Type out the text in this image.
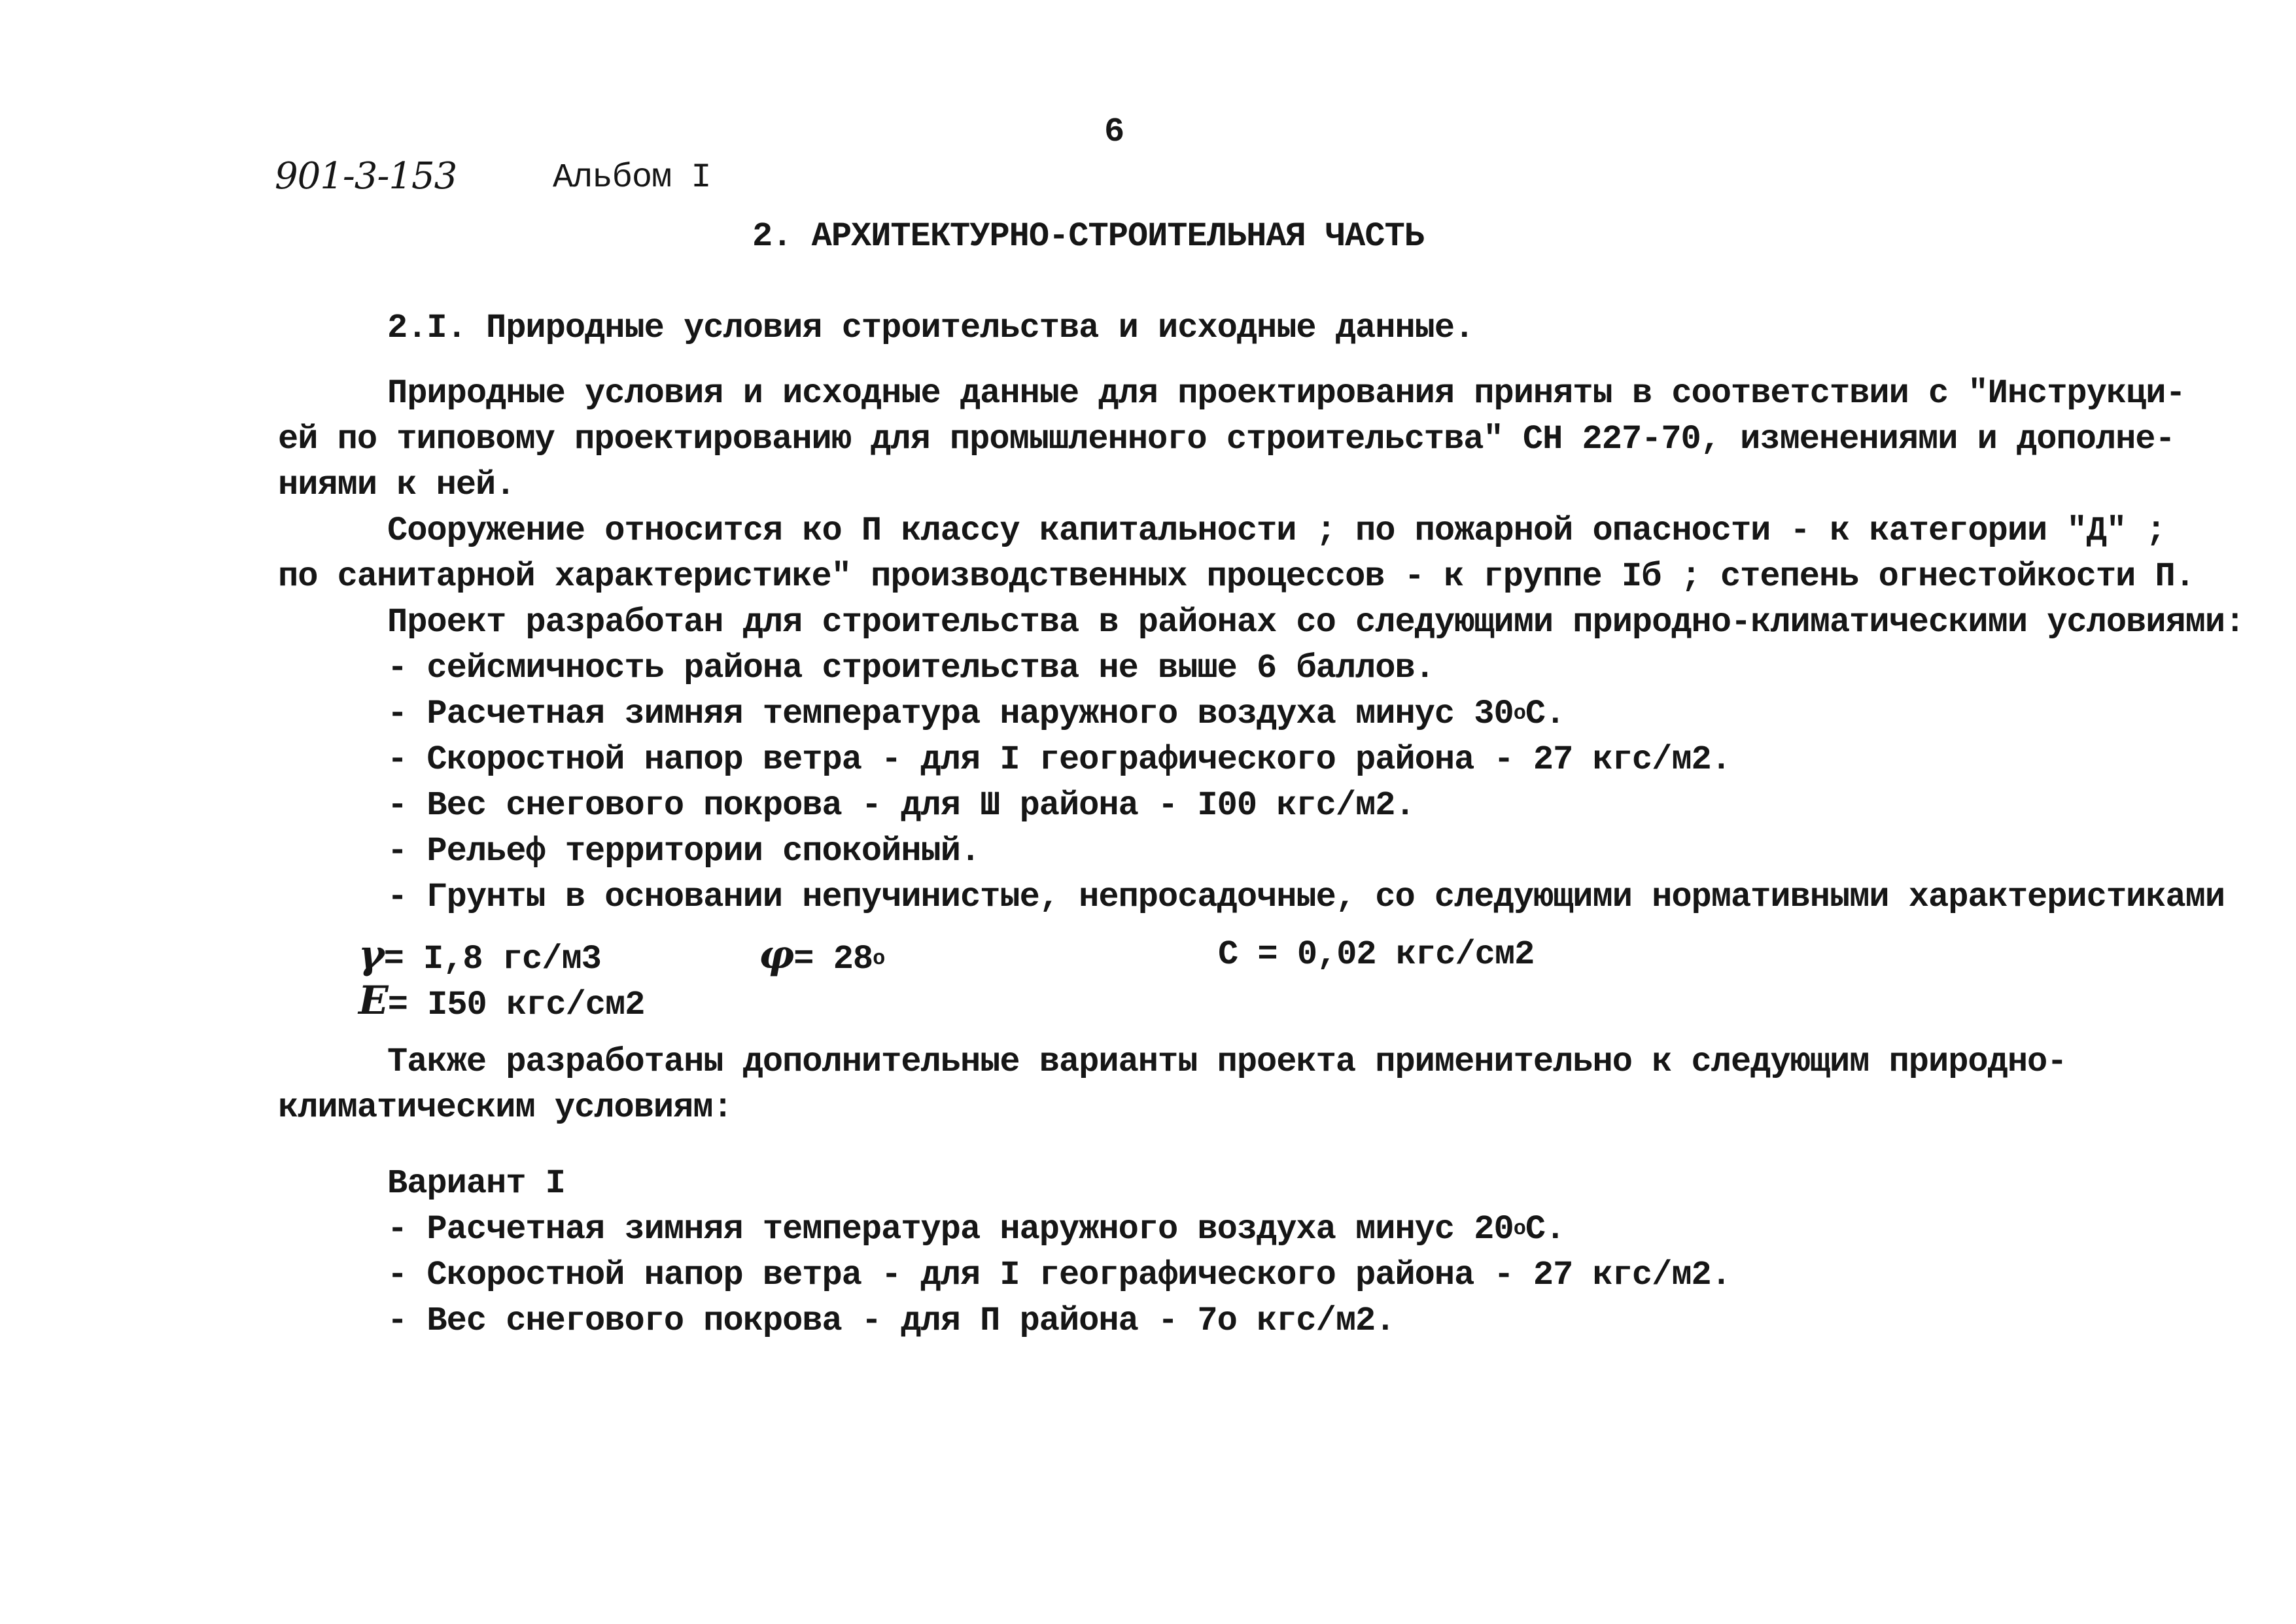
6
901-3-153	Альбом I
2. АРХИТЕКТУРНО-СТРОИТЕЛЬНАЯ ЧАСТЬ
2.I. Природные условия строительства и исходные данные.
Природные условия и исходные данные для проектирования приняты в соответствии с "Инструкци-
ей по типовому проектированию для промышленного строительства" СН 227-70, изменениями и дополне-
ниями к ней.
Сооружение относится ко П классу капитальности ; по пожарной опасности - к категории "Д" ;
по санитарной характеристике" производственных процессов - к группе Iб ; степень огнестойкости П.
Проект разработан для строительства в районах со следующими природно-климатическими условиями:
- сейсмичность района строительства не выше 6 баллов.
- Расчетная зимняя температура наружного воздуха минус $30^оС$.
- Скоростной напор ветра - для I географического района - 27 кгс/м2.
- Вес снегового покрова - для Ш района - I00 кгс/м2.
- Рельеф территории спокойный.
- Грунты в основании непучинистые, непросадочные, со следующими нормативными характеристиками
γ= I,8 гс/м3	$\varphi= 28^о$	С = 0,02 кгс/см2
Е= I50 кгс/см2
Также разработаны дополнительные варианты проекта применительно к следующим природно-
климатическим условиям:
Вариант I
- Расчетная зимняя температура наружного воздуха минус $20^оС$.
- Скоростной напор ветра - для I географического района - 27 кгс/м2.
- Вес снегового покрова - для П района - 7о кгс/м2.
